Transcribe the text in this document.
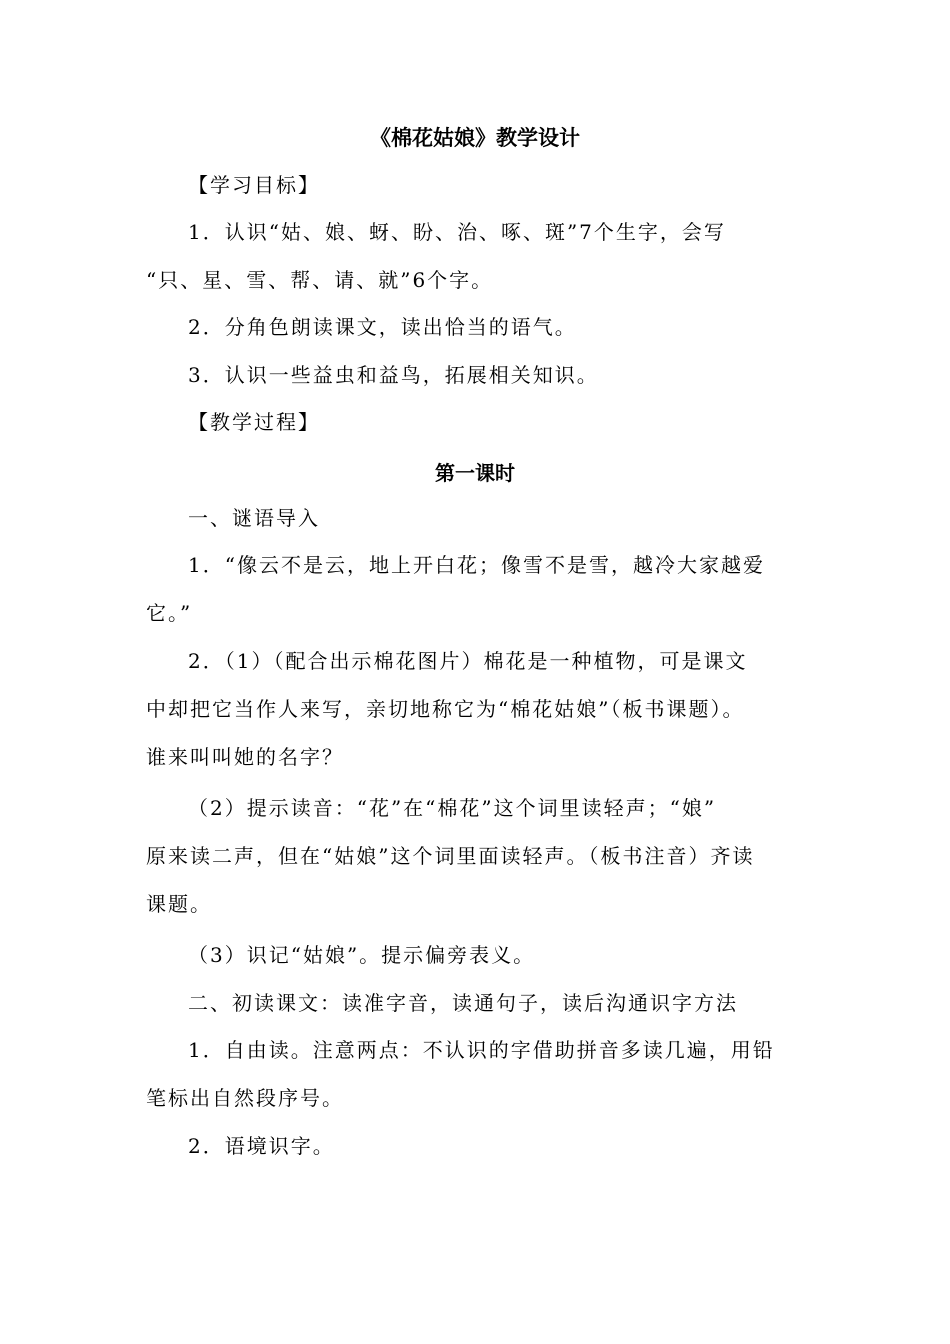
《棉花姑娘》教学设计

【学习目标】

1．认识“姑、娘、蚜、盼、治、啄、斑”7个生字，会写

“只、星、雪、帮、请、就”6个字。

2．分角色朗读课文，读出恰当的语气。

3．认识一些益虫和益鸟，拓展相关知识。

【教学过程】

第一课时

一、谜语导入

1．“像云不是云，地上开白花；像雪不是雪，越冷大家越爱

它。”

2．（1）（配合出示棉花图片）棉花是一种植物，可是课文

中却把它当作人来写，亲切地称它为“棉花姑娘”（板书课题）。
谁来叫叫她的名字？

（2）提示读音：“花”在“棉花”这个词里读轻声；“娘”

原来读二声，但在“姑娘”这个词里面读轻声。（板书注音）齐读
课题。

（3）识记“姑娘”。提示偏旁表义。

二、初读课文：读准字音，读通句子，读后沟通识字方法

1．自由读。注意两点：不认识的字借助拼音多读几遍，用铅

笔标出自然段序号。

2．语境识字。
